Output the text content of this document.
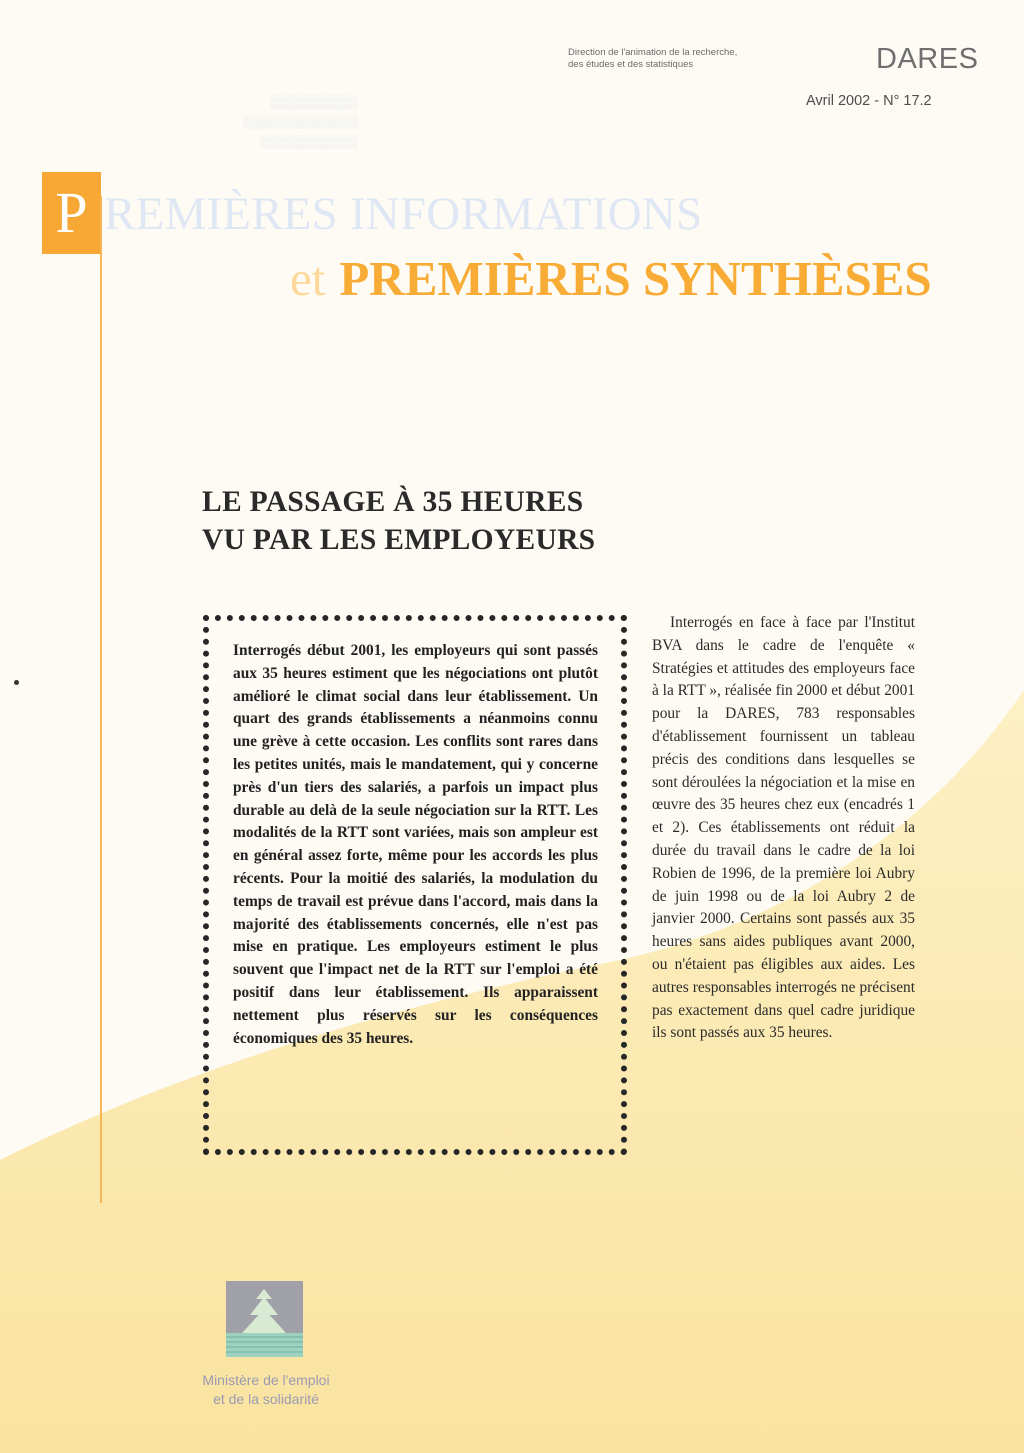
Direction de l'animation de la recherche,
des études et des statistiques	DARES
Avril 2002 - N° 17.2
▒▒▒▒▒▒▒▒▒▒
▒▒▒▒▒▒▒▒▒▒▒▒▒
▒▒▒▒▒▒▒▒▒▒▒
P REMIÈRES INFORMATIONS
et PREMIÈRES SYNTHÈSES
LE PASSAGE À 35 HEURES
VU PAR LES EMPLOYEURS

Interrogés début 2001, les employeurs qui sont passés aux 35 heures estiment que les négociations ont plutôt amélioré le climat social dans leur établissement. Un quart des grands établissements a néanmoins connu une grève à cette occasion. Les conflits sont rares dans les petites unités, mais le mandatement, qui y concerne près d'un tiers des salariés, a parfois un impact plus durable au delà de la seule négociation sur la RTT. Les modalités de la RTT sont variées, mais son ampleur est en général assez forte, même pour les accords les plus récents. Pour la moitié des salariés, la modulation du temps de travail est prévue dans l'accord, mais dans la majorité des établissements concernés, elle n'est pas mise en pratique. Les employeurs estiment le plus souvent que l'impact net de la RTT sur l'emploi a été positif dans leur établissement. Ils apparaissent nettement plus réservés sur les conséquences économiques des 35 heures.

Interrogés en face à face par l'Institut BVA dans le cadre de l'enquête « Stratégies et attitudes des employeurs face à la RTT », réalisée fin 2000 et début 2001 pour la DARES, 783 responsables d'établissement fournissent un tableau précis des conditions dans lesquelles se sont déroulées la négociation et la mise en œuvre des 35 heures chez eux (encadrés 1 et 2). Ces établissements ont réduit la durée du travail dans le cadre de la loi Robien de 1996, de la première loi Aubry de juin 1998 ou de la loi Aubry 2 de janvier 2000. Certains sont passés aux 35 heures sans aides publiques avant 2000, ou n'étaient pas éligibles aux aides. Les autres responsables interrogés ne précisent pas exactement dans quel cadre juridique ils sont passés aux 35 heures.

Ministère de l'emploi
et de la solidarité
